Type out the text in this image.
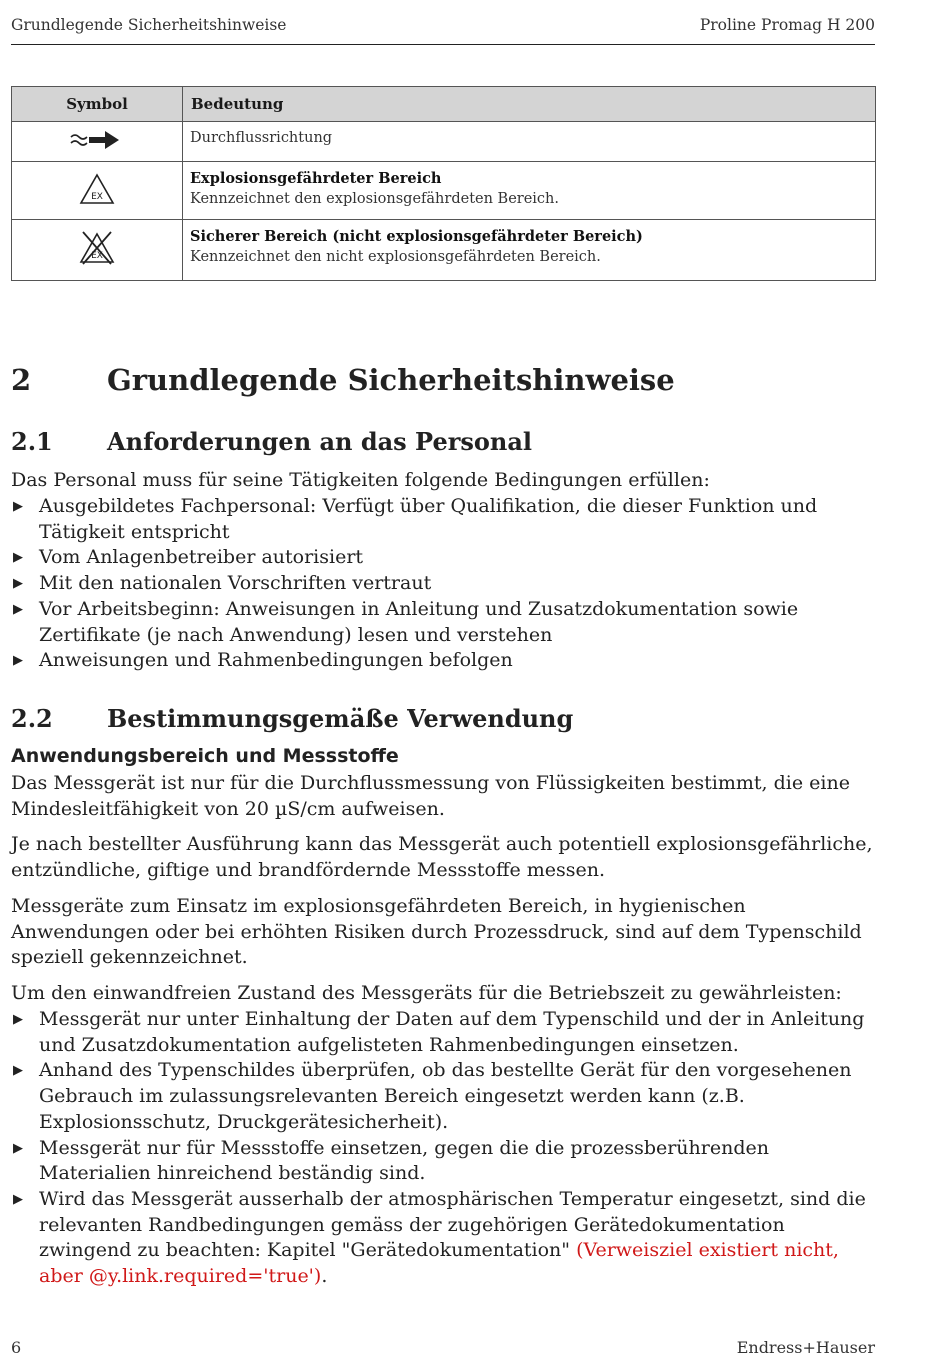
Grundlegende Sicherheitshinweise	Proline Promag H 200
Symbol	Bedeutung

Durchflussrichtung

EX	Explosionsgefährdeter Bereich
Kennzeichnet den explosionsgefährdeten Bereich.

EX	Sicherer Bereich (nicht explosionsgefährdeter Bereich)
Kennzeichnet den nicht explosionsgefährdeten Bereich.
2	Grundlegende Sicherheitshinweise
2.1 Anforderungen an das Personal
Das Personal muss für seine Tätigkeiten folgende Bedingungen erfüllen:
▶ Ausgebildetes Fachpersonal: Verfügt über Qualifikation, die dieser Funktion und Tätigkeit entspricht
▶ Vom Anlagenbetreiber autorisiert
▶ Mit den nationalen Vorschriften vertraut
▶ Vor Arbeitsbeginn: Anweisungen in Anleitung und Zusatzdokumentation sowie Zertifikate (je nach Anwendung) lesen und verstehen
▶ Anweisungen und Rahmenbedingungen befolgen
2.2 Bestimmungsgemäße Verwendung
Anwendungsbereich und Messstoffe
Das Messgerät ist nur für die Durchflussmessung von Flüssigkeiten bestimmt, die eine Mindesleitfähigkeit von 20 µS/cm aufweisen.
Je nach bestellter Ausführung kann das Messgerät auch potentiell explosionsgefährliche, entzündliche, giftige und brandfördernde Messstoffe messen.
Messgeräte zum Einsatz im explosionsgefährdeten Bereich, in hygienischen Anwendungen oder bei erhöhten Risiken durch Prozessdruck, sind auf dem Typenschild speziell gekennzeichnet.
Um den einwandfreien Zustand des Messgeräts für die Betriebszeit zu gewährleisten:
▶ Messgerät nur unter Einhaltung der Daten auf dem Typenschild und der in Anleitung und Zusatzdokumentation aufgelisteten Rahmenbedingungen einsetzen.
▶ Anhand des Typenschildes überprüfen, ob das bestellte Gerät für den vorgesehenen Gebrauch im zulassungsrelevanten Bereich eingesetzt werden kann (z.B. Explosionsschutz, Druckgerätesicherheit).
▶ Messgerät nur für Messstoffe einsetzen, gegen die die prozessberührenden Materialien hinreichend beständig sind.
▶ Wird das Messgerät ausserhalb der atmosphärischen Temperatur eingesetzt, sind die relevanten Randbedingungen gemäss der zugehörigen Gerätedokumentation zwingend zu beachten: Kapitel "Gerätedokumentation" (Verweisziel existiert nicht, aber @y.link.required='true').
6	Endress+Hauser
